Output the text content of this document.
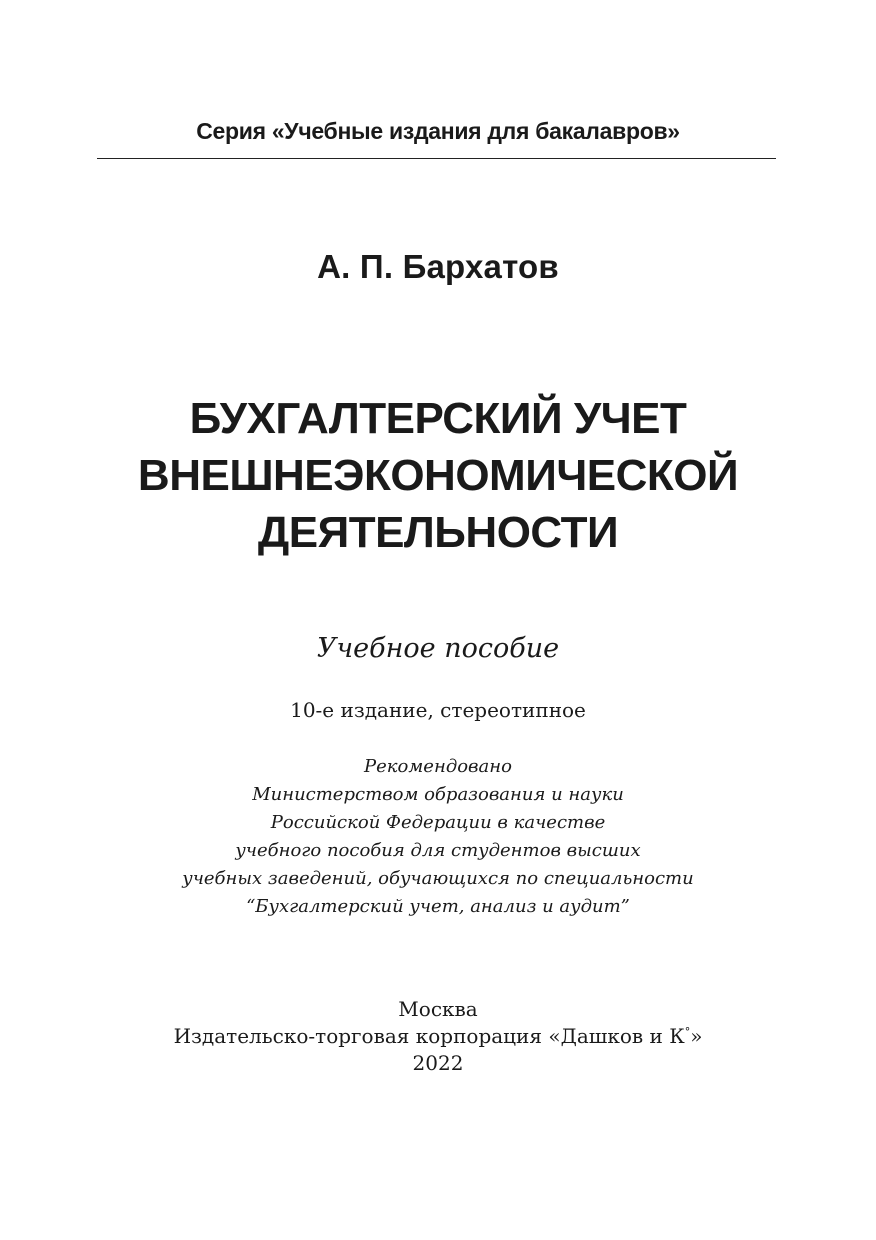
Серия «Учебные издания для бакалавров»
А. П. Бархатов
БУХГАЛТЕРСКИЙ УЧЕТ
ВНЕШНЕЭКОНОМИЧЕСКОЙ
ДЕЯТЕЛЬНОСТИ
Учебное пособие
10-е издание, стереотипное
Рекомендовано
Министерством образования и науки
Российской Федерации в качестве
учебного пособия для студентов высших
учебных заведений, обучающихся по специальности
“Бухгалтерский учет, анализ и аудит”
Москва
Издательско-торговая корпорация «Дашков и К°»
2022
